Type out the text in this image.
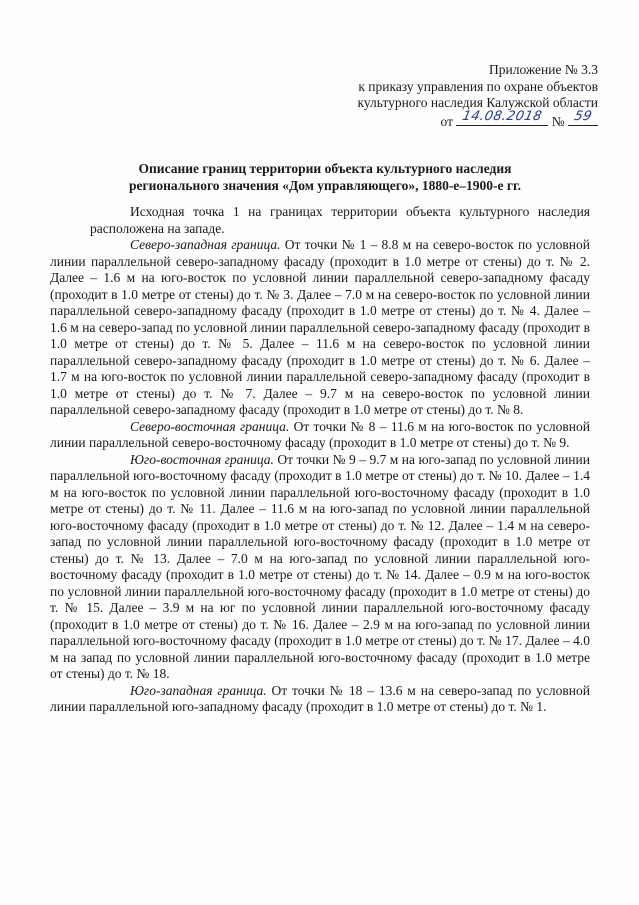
Приложение № 3.3
к приказу управления по охране объектов
культурного наследия Калужской области
от 14.08.2018 № 59
Описание границ территории объекта культурного наследия
регионального значения «Дом управляющего», 1880-е–1900-е гг.

Исходная точка 1 на границах территории объекта культурного наследия расположена на западе.

Северо-западная граница. От точки № 1 – 8.8 м на северо-восток по условной линии параллельной северо-западному фасаду (проходит в 1.0 метре от стены) до т. № 2. Далее – 1.6 м на юго-восток по условной линии параллельной северо-западному фасаду (проходит в 1.0 метре от стены) до т. № 3. Далее – 7.0 м на северо-восток по условной линии параллельной северо-западному фасаду (проходит в 1.0 метре от стены) до т. № 4. Далее – 1.6 м на северо-запад по условной линии параллельной северо-западному фасаду (проходит в 1.0 метре от стены) до т. № 5. Далее – 11.6 м на северо-восток по условной линии параллельной северо-западному фасаду (проходит в 1.0 метре от стены) до т. № 6. Далее – 1.7 м на юго-восток по условной линии параллельной северо-западному фасаду (проходит в 1.0 метре от стены) до т. № 7. Далее – 9.7 м на северо-восток по условной линии параллельной северо-западному фасаду (проходит в 1.0 метре от стены) до т. № 8.

Северо-восточная граница. От точки № 8 – 11.6 м на юго-восток по условной линии параллельной северо-восточному фасаду (проходит в 1.0 метре от стены) до т. № 9.

Юго-восточная граница. От точки № 9 – 9.7 м на юго-запад по условной линии параллельной юго-восточному фасаду (проходит в 1.0 метре от стены) до т. № 10. Далее – 1.4 м на юго-восток по условной линии параллельной юго-восточному фасаду (проходит в 1.0 метре от стены) до т. № 11. Далее – 11.6 м на юго-запад по условной линии параллельной юго-восточному фасаду (проходит в 1.0 метре от стены) до т. № 12. Далее – 1.4 м на северо-запад по условной линии параллельной юго-восточному фасаду (проходит в 1.0 метре от стены) до т. № 13. Далее – 7.0 м на юго-запад по условной линии параллельной юго-восточному фасаду (проходит в 1.0 метре от стены) до т. № 14. Далее – 0.9 м на юго-восток по условной линии параллельной юго-восточному фасаду (проходит в 1.0 метре от стены) до т. № 15. Далее – 3.9 м на юг по условной линии параллельной юго-восточному фасаду (проходит в 1.0 метре от стены) до т. № 16. Далее – 2.9 м на юго-запад по условной линии параллельной юго-восточному фасаду (проходит в 1.0 метре от стены) до т. № 17. Далее – 4.0 м на запад по условной линии параллельной юго-восточному фасаду (проходит в 1.0 метре от стены) до т. № 18.

Юго-западная граница. От точки № 18 – 13.6 м на северо-запад по условной линии параллельной юго-западному фасаду (проходит в 1.0 метре от стены) до т. № 1.
